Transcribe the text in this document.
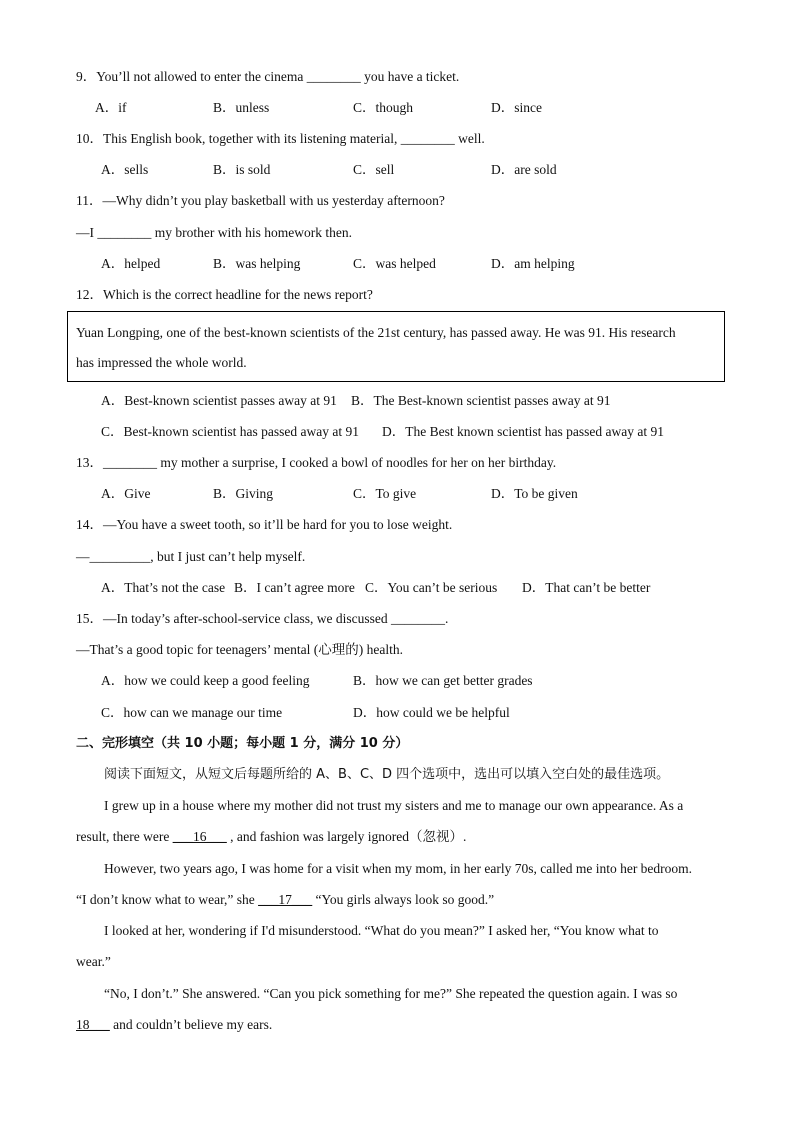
9．You’ll not allowed to enter the cinema ________ you have a ticket.
A．if	B．unless	C．though	D．since
10．This English book, together with its listening material, ________ well.
A．sells	B．is sold	C．sell	D．are sold
11．—Why didn’t you play basketball with us yesterday afternoon?
—I ________ my brother with his homework then.
A．helped	B．was helping	C．was helped	D．am helping
12．Which is the correct headline for the news report?
Yuan Longping, one of the best-known scientists of the 21st century, has passed away. He was 91. His research
has impressed the whole world.
A．Best-known scientist passes away at 91 B．The Best-known scientist passes away at 91
C．Best-known scientist has passed away at 91 D．The Best known scientist has passed away at 91
13．________ my mother a surprise, I cooked a bowl of noodles for her on her birthday.
A．Give	B．Giving	C．To give	D．To be given
14．—You have a sweet tooth, so it’ll be hard for you to lose weight.
—_________, but I just can’t help myself.
A．That’s not the case B．I can’t agree more C．You can’t be serious D．That can’t be better
15．—In today’s after-school-service class, we discussed ________.
—That’s a good topic for teenagers’ mental (心理的) health.
A．how we could keep a good feeling	B．how we can get better grades
C．how can we manage our time	D．how could we be helpful
二、完形填空（共 10 小题；每小题 1 分，满分 10 分）
阅读下面短文，从短文后每题所给的 A、B、C、D 四个选项中，选出可以填入空白处的最佳选项。
I grew up in a house where my mother did not trust my sisters and me to manage our own appearance. As a
result, there were ___16___ , and fashion was largely ignored（忽视）.
However, two years ago, I was home for a visit when my mom, in her early 70s, called me into her bedroom.
“I don’t know what to wear,” she ___17___ “You girls always look so good.”
I looked at her, wondering if I'd misunderstood. “What do you mean?” I asked her, “You know what to
wear.”
“No, I don’t.” She answered. “Can you pick something for me?” She repeated the question again. I was so
18___ and couldn’t believe my ears.
